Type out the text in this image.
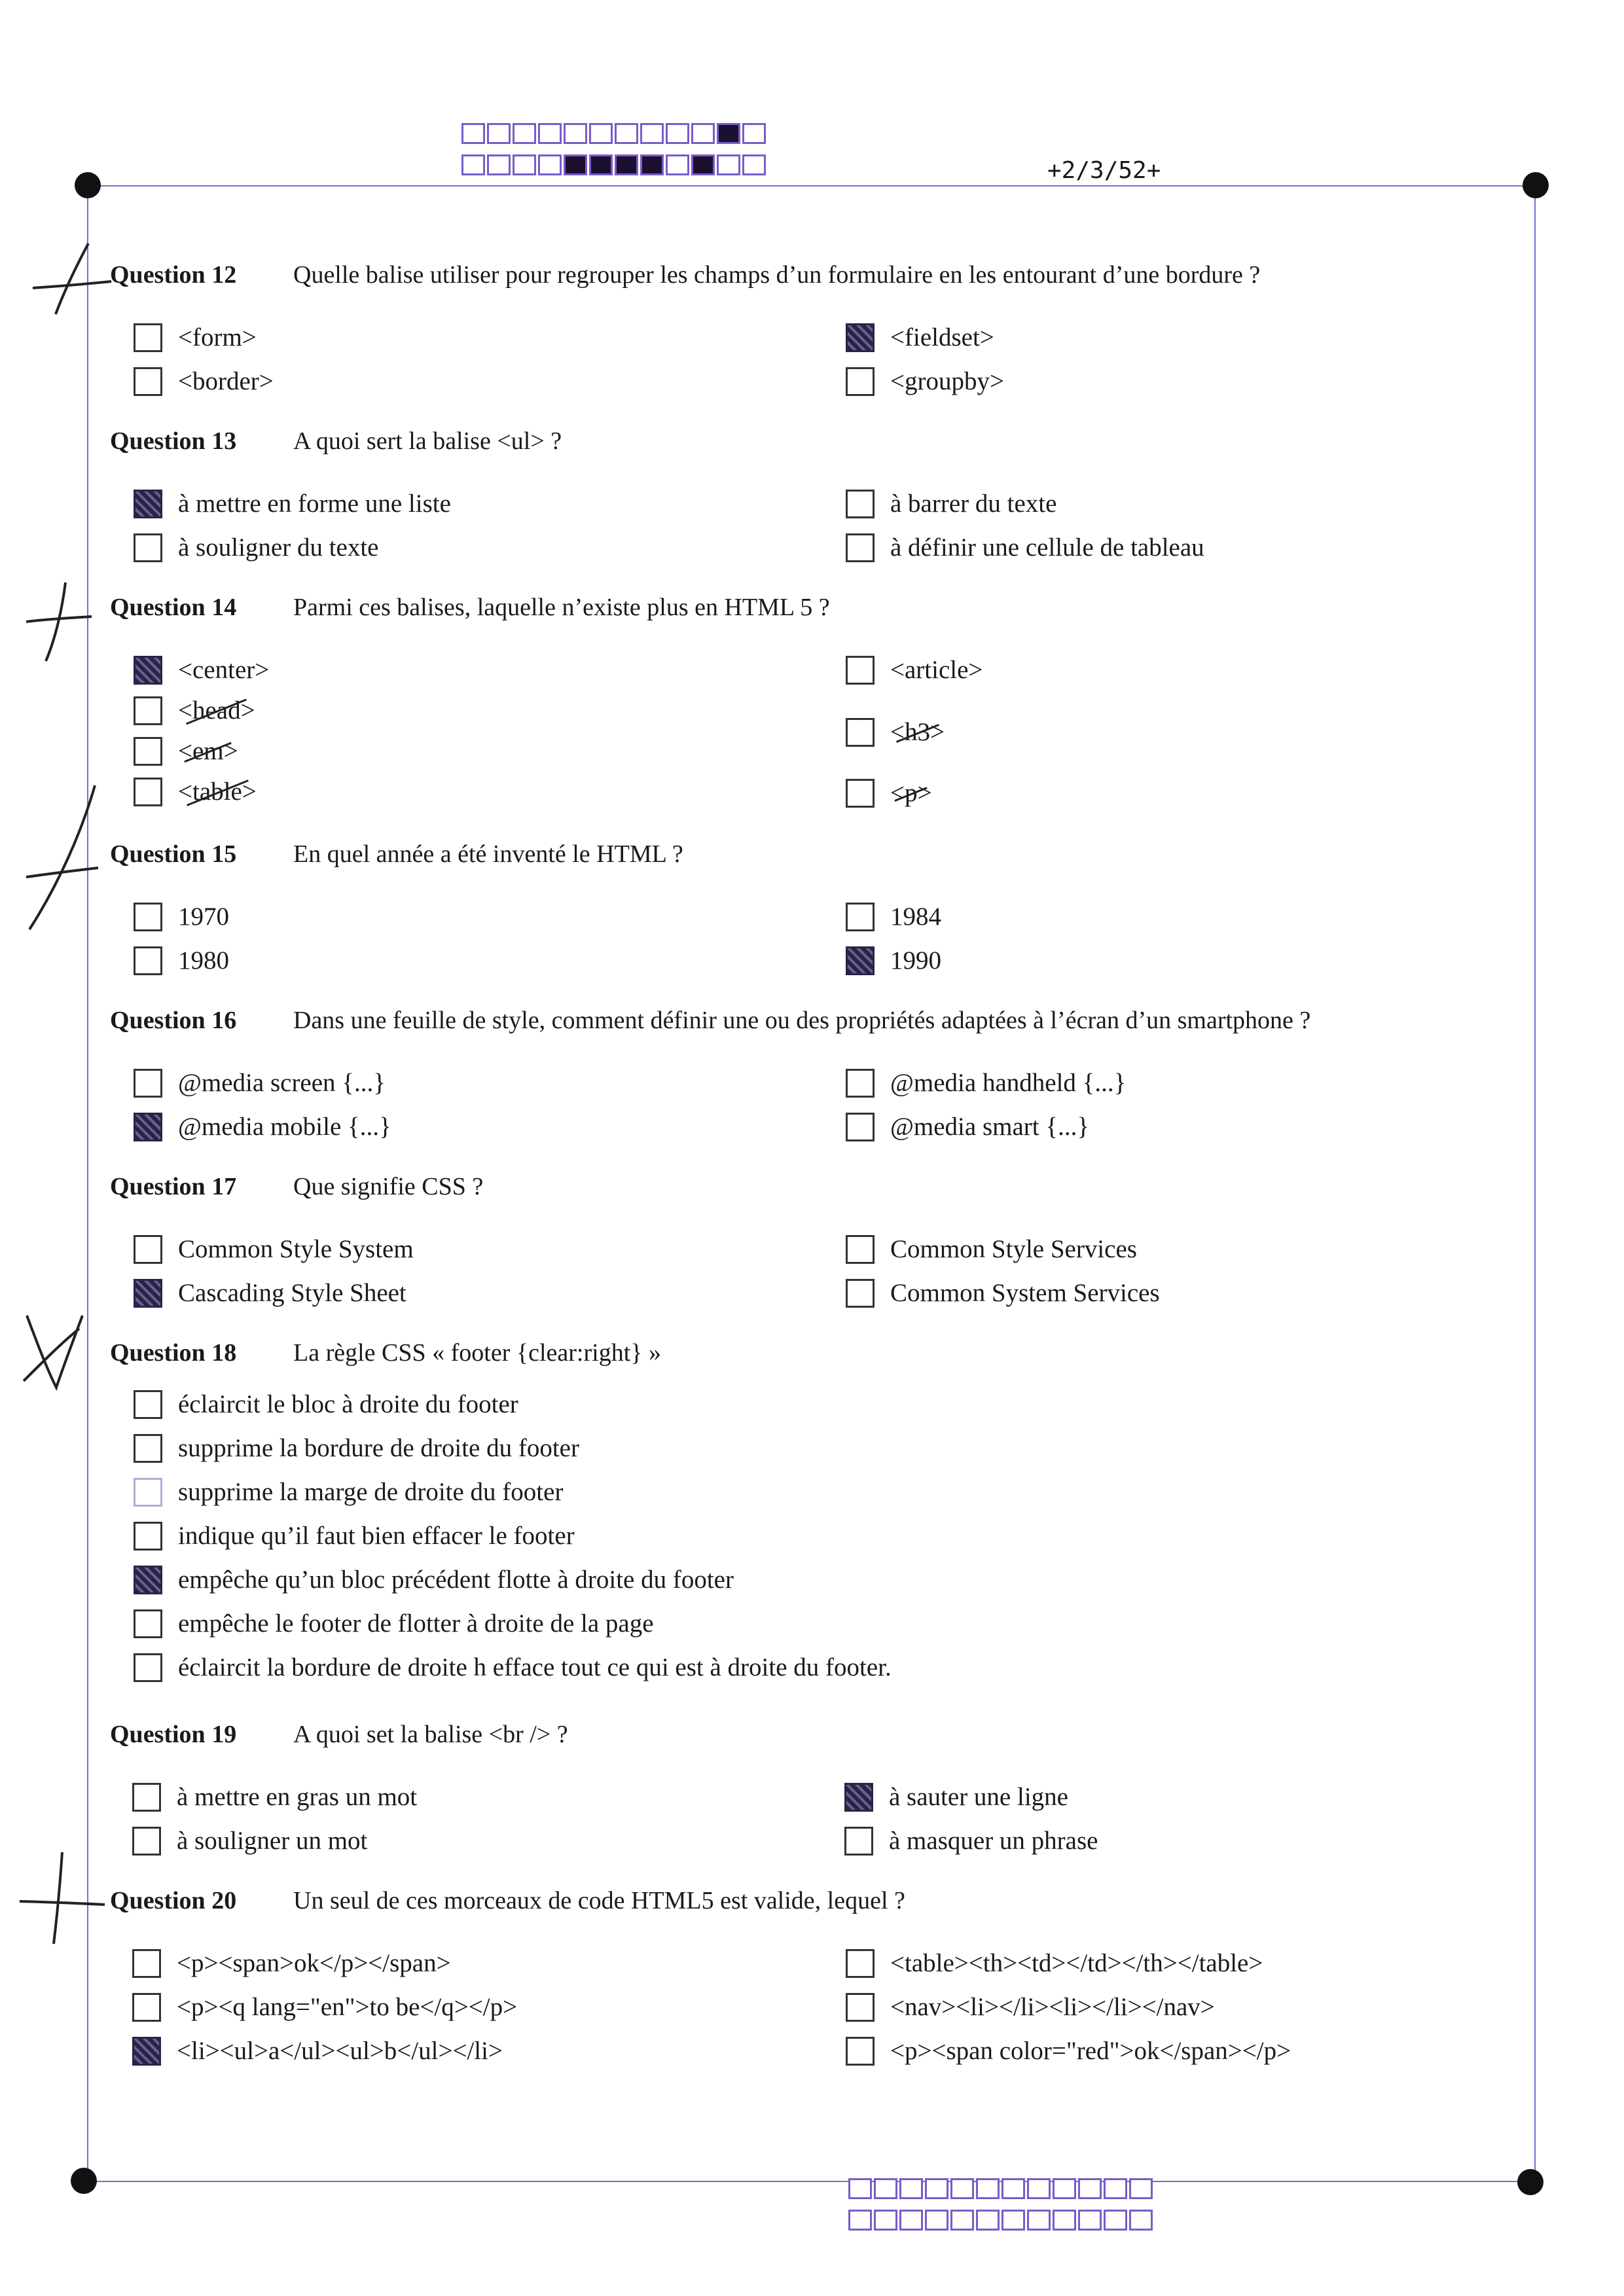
+2/3/52+
Question 12 Quelle balise utiliser pour regrouper les champs d’un formulaire en les entourant d’une bordure ?
<form>
<border>
<fieldset>
<groupby>
Question 13 A quoi sert la balise <ul> ?
à mettre en forme une liste
à souligner du texte
à barrer du texte
à définir une cellule de tableau
Question 14 Parmi ces balises, laquelle n’existe plus en HTML 5 ?
<center>
<head>
<em>
<table>
<article>
<h3>
<p>
Question 15 En quel année a été inventé le HTML ?
1970
1980
1984
1990
Question 16 Dans une feuille de style, comment définir une ou des propriétés adaptées à l’écran d’un smartphone ?
@media screen {...}
@media mobile {...}
@media handheld {...}
@media smart {...}
Question 17 Que signifie CSS ?
Common Style System
Cascading Style Sheet
Common Style Services
Common System Services
Question 18 La règle CSS « footer {clear:right} »
éclaircit le bloc à droite du footer
supprime la bordure de droite du footer
supprime la marge de droite du footer
indique qu’il faut bien effacer le footer
empêche qu’un bloc précédent flotte à droite du footer
empêche le footer de flotter à droite de la page
éclaircit la bordure de droite h efface tout ce qui est à droite du footer.
Question 19 A quoi set la balise <br /> ?
à mettre en gras un mot
à souligner un mot
à sauter une ligne
à masquer un phrase
Question 20 Un seul de ces morceaux de code HTML5 est valide, lequel ?
<p><span>ok</p></span>
<p><q lang="en">to be</q></p>
<li><ul>a</ul><ul>b</ul></li>
<table><th><td></td></th></table>
<nav><li></li><li></li></nav>
<p><span color="red">ok</span></p>
